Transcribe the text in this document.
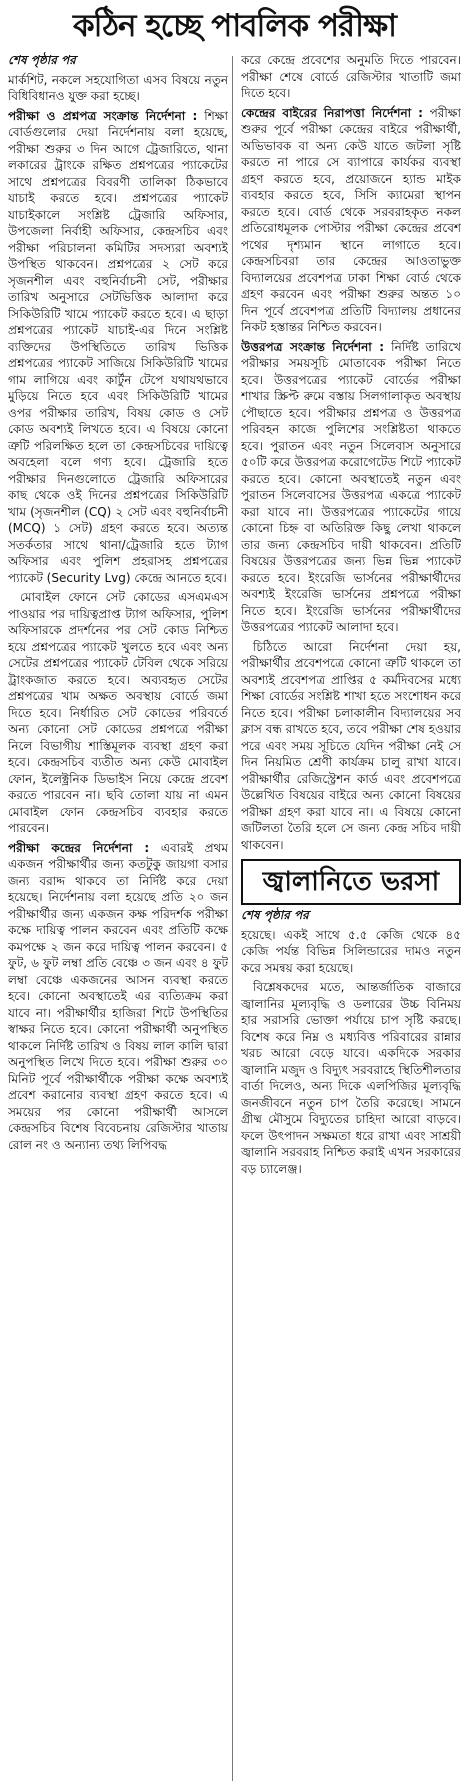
কঠিন হচ্ছে পাবলিক পরীক্ষা

শেষ পৃষ্ঠার পর

মার্কশিট, নকলে সহযোগিতা এসব বিষয়ে নতুন বিধিবিধানও যুক্ত করা হচ্ছে।

পরীক্ষা ও প্রশ্নপত্র সংক্রান্ত নির্দেশনা : শিক্ষা বোর্ডগুলোর দেয়া নির্দেশনায় বলা হয়েছে, পরীক্ষা শুরুর ৩ দিন আগে ট্রেজারিতে, থানা লকারের ট্রাংকে রক্ষিত প্রশ্নপত্রের প্যাকেটের সাথে প্রশ্নপত্রের বিবরণী তালিকা ঠিকভাবে যাচাই করতে হবে। প্রশ্নপত্রের প্যাকেট যাচাইকালে সংশ্লিষ্ট ট্রেজারি অফিসার, উপজেলা নির্বাহী অফিসার, কেন্দ্রসচিব এবং পরীক্ষা পরিচালনা কমিটির সদস্যরা অবশ্যই উপস্থিত থাকবেন। প্রশ্নপত্রের ২ সেট করে সৃজনশীল এবং বহুনির্বাচনী সেট, পরীক্ষার তারিখ অনুসারে সেটভিত্তিক আলাদা করে সিকিউরিটি খামে প্যাকেট করতে হবে। এ ছাড়া প্রশ্নপত্রের প্যাকেট যাচাই-এর দিনে সংশ্লিষ্ট ব্যক্তিদের উপস্থিতিতে তারিখ ভিত্তিক প্রশ্নপত্রের প্যাকেট সাজিয়ে সিকিউরিটি খামের গাম লাগিয়ে এবং কার্টুন টেপে যথাযথভাবে মুড়িয়ে নিতে হবে এবং সিকিউরিটি খামের ওপর পরীক্ষার তারিখ, বিষয় কোড ও সেট কোড অবশ্যই লিখতে হবে। এ বিষয়ে কোনো ত্রুটি পরিলক্ষিত হলে তা কেন্দ্রসচিবের দায়িত্বে অবহেলা বলে গণ্য হবে। ট্রেজারি হতে পরীক্ষার দিনগুলোতে ট্রেজারি অফিসারের কাছ থেকে ওই দিনের প্রশ্নপত্রের সিকিউরিটি খাম (সৃজনশীল (CQ) ২ সেট এবং বহুনির্বাচনী (MCQ) ১ সেট) গ্রহণ করতে হবে। অত্যন্ত সতর্কতার সাথে থানা/ট্রেজারি হতে ট্যাগ অফিসার এবং পুলিশ প্রহরাসহ প্রশ্নপত্রের প্যাকেট (Security Lvg) কেন্দ্রে আনতে হবে।

মোবাইল ফোনে সেট কোডের এসএমএস পাওয়ার পর দায়িত্বপ্রাপ্ত ট্যাগ অফিসার, পুলিশ অফিসারকে প্রদর্শনের পর সেট কোড নিশ্চিত হয়ে প্রশ্নপত্রের প্যাকেট খুলতে হবে এবং অন্য সেটের প্রশ্নপত্রের প্যাকেট টেবিল থেকে সরিয়ে ট্রাংকজাত করতে হবে। অব্যবহৃত সেটের প্রশ্নপত্রের খাম অক্ষত অবস্থায় বোর্ডে জমা দিতে হবে। নির্ধারিত সেট কোডের পরিবর্তে অন্য কোনো সেট কোডের প্রশ্নপত্রে পরীক্ষা নিলে বিভাগীয় শাস্তিমূলক ব্যবস্থা গ্রহণ করা হবে। কেন্দ্রসচিব ব্যতীত অন্য কেউ মোবাইল ফোন, ইলেক্ট্রনিক ডিভাইস নিয়ে কেন্দ্রে প্রবেশ করতে পারবেন না। ছবি তোলা যায় না এমন মোবাইল ফোন কেন্দ্রসচিব ব্যবহার করতে পারবেন।

পরীক্ষা কন্দ্রের নির্দেশনা : এবারই প্রথম একজন পরীক্ষার্থীর জন্য কতটুকু জায়গা বসার জন্য বরাদ্দ থাকবে তা নির্দিষ্ট করে দেয়া হয়েছে। নির্দেশনায় বলা হয়েছে প্রতি ২০ জন পরীক্ষার্থীর জন্য একজন কক্ষ পরিদর্শক পরীক্ষা কক্ষে দায়িত্ব পালন করবেন এবং প্রতিটি কক্ষে কমপক্ষে ২ জন করে দায়িত্ব পালন করবেন। ৫ ফুট, ৬ ফুট লম্বা প্রতি বেঞ্চে ৩ জন এবং ৪ ফুট লম্বা বেঞ্চে একজনের আসন ব্যবস্থা করতে হবে। কোনো অবস্থাতেই এর ব্যত্যিক্রম করা যাবে না। পরীক্ষার্থীর হাজিরা শিটে উপস্থিতির স্বাক্ষর নিতে হবে। কোনো পরীক্ষার্থী অনুপস্থিত থাকলে নির্দিষ্ট তারিখ ও বিষয় লাল কালি দ্বারা অনুপস্থিত লিখে দিতে হবে। পরীক্ষা শুরুর ৩০ মিনিট পূর্বে পরীক্ষার্থীকে পরীক্ষা কক্ষে অবশ্যই প্রবেশ করানোর ব্যবস্থা গ্রহণ করতে হবে। এ সময়ের পর কোনো পরীক্ষার্থী আসলে কেন্দ্রসচিব বিশেষ বিবেচনায় রেজিস্টার খাতায় রোল নং ও অন্যান্য তথ্য লিপিবদ্ধ

করে কেন্দ্রে প্রবেশের অনুমতি দিতে পারবেন। পরীক্ষা শেষে বোর্ডে রেজিস্টার খাতাটি জমা দিতে হবে।

কেন্দ্রের বাইরের নিরাপত্তা নির্দেশনা : পরীক্ষা শুরুর পূর্বে পরীক্ষা কেন্দ্রের বাইরে পরীক্ষার্থী, অভিভাবক বা অন্য কেউ যাতে জটলা সৃষ্টি করতে না পারে সে ব্যাপারে কার্যকর ব্যবস্থা গ্রহণ করতে হবে, প্রয়োজনে হ্যান্ড মাইক ব্যবহার করতে হবে, সিসি ক্যামেরা স্থাপন করতে হবে। বোর্ড থেকে সরবরাহকৃত নকল প্রতিরোধমূলক পোস্টার পরীক্ষা কেন্দ্রের প্রবেশ পথের দৃশ্যমান স্থানে লাগাতে হবে। কেন্দ্রসচিবরা তার কেন্দ্রের আওতাভুক্ত বিদ্যালয়ের প্রবেশপত্র ঢাকা শিক্ষা বোর্ড থেকে গ্রহণ করবেন এবং পরীক্ষা শুরুর অন্তত ১০ দিন পূর্বে প্রবেশপত্র প্রতিটি বিদ্যালয় প্রধানের নিকট হস্তান্তর নিশ্চিত করবেন।

উত্তরপত্র সংক্রান্ত নির্দেশনা : নির্দিষ্ট তারিখে পরীক্ষার সময়সূচি মোতাবেক পরীক্ষা নিতে হবে। উত্তরপত্রের প্যাকেট বোর্ডের পরীক্ষা শাখার স্ক্রিপ্ট রুমে বস্তায় সিলগালাকৃত অবস্থায় পৌছাতে হবে। পরীক্ষার প্রশ্নপত্র ও উত্তরপত্র পরিবহন কাজে পুলিশের সংশ্লিষ্টতা থাকতে হবে। পুরাতন এবং নতুন সিলেবাস অনুসারে ৫০টি করে উত্তরপত্র করোগেটেড শিটে প্যাকেট করতে হবে। কোনো অবস্থাতেই নতুন এবং পুরাতন সিলেবাসের উত্তরপত্র একত্রে প্যাকেট করা যাবে না। উত্তরপত্রের প্যাকেটের গায়ে কোনো চিহ্ন বা অতিরিক্ত কিছু লেখা থাকলে তার জন্য কেন্দ্রসচিব দায়ী থাকবেন। প্রতিটি বিষয়ের উত্তরপত্রের জন্য ভিন্ন ভিন্ন প্যাকেট করতে হবে। ইংরেজি ভার্সনের পরীক্ষার্থীদের অবশ্যই ইংরেজি ভার্সনের প্রশ্নপত্রে পরীক্ষা নিতে হবে। ইংরেজি ভার্সনের পরীক্ষার্থীদের উত্তরপত্রের প্যাকেট আলাদা হবে।

চিঠিতে আরো নির্দেশনা দেয়া হয়, পরীক্ষার্থীর প্রবেশপত্রে কোনো ত্রুটি থাকলে তা অবশ্যই প্রবেশপত্র প্রাপ্তির ৫ কর্মদিবসের মধ্যে শিক্ষা বোর্ডের সংশ্লিষ্ট শাখা হতে সংশোধন করে নিতে হবে। পরীক্ষা চলাকালীন বিদ্যালয়ের সব ক্লাস বন্ধ রাখতে হবে, তবে পরীক্ষা শেষ হওয়ার পরে এবং সময় সূচিতে যেদিন পরীক্ষা নেই সে দিন নিয়মিত শ্রেণী কার্যক্রম চালু রাখা যাবে। পরীক্ষার্থীর রেজিস্ট্রেশন কার্ড এবং প্রবেশপত্রে উল্লেখিত বিষয়ের বাইরে অন্য কোনো বিষয়ের পরীক্ষা গ্রহণ করা যাবে না। এ বিষয়ে কোনো জটিলতা তৈরি হলে সে জন্য কেন্দ্র সচিব দায়ী থাকবেন।

জ্বালানিতে ভরসা

শেষ পৃষ্ঠার পর

হয়েছে। একই সাথে ৫.৫ কেজি থেকে ৪৫ কেজি পর্যন্ত বিভিন্ন সিলিন্ডারের দামও নতুন করে সমন্বয় করা হয়েছে।

বিশ্লেষকদের মতে, আন্তর্জাতিক বাজারে জ্বালানির মূল্যবৃদ্ধি ও ডলারের উচ্চ বিনিময় হার সরাসরি ভোক্তা পর্যায়ে চাপ সৃষ্টি করছে। বিশেষ করে নিম্ন ও মধ্যবিত্ত পরিবারের রান্নার খরচ আরো বেড়ে যাবে। একদিকে সরকার জ্বালানি মজুদ ও বিদ্যুৎ সরবরাহে স্থিতিশীলতার বার্তা দিলেও, অন্য দিকে এলপিজির মূল্যবৃদ্ধি জনজীবনে নতুন চাপ তৈরি করেছে। সামনে গ্রীষ্ম মৌসুমে বিদ্যুতের চাহিদা আরো বাড়বে। ফলে উৎপাদন সক্ষমতা ধরে রাখা এবং সাশ্রয়ী জ্বালানি সরবরাহ নিশ্চিত করাই এখন সরকারের বড় চ্যালেঞ্জ।
